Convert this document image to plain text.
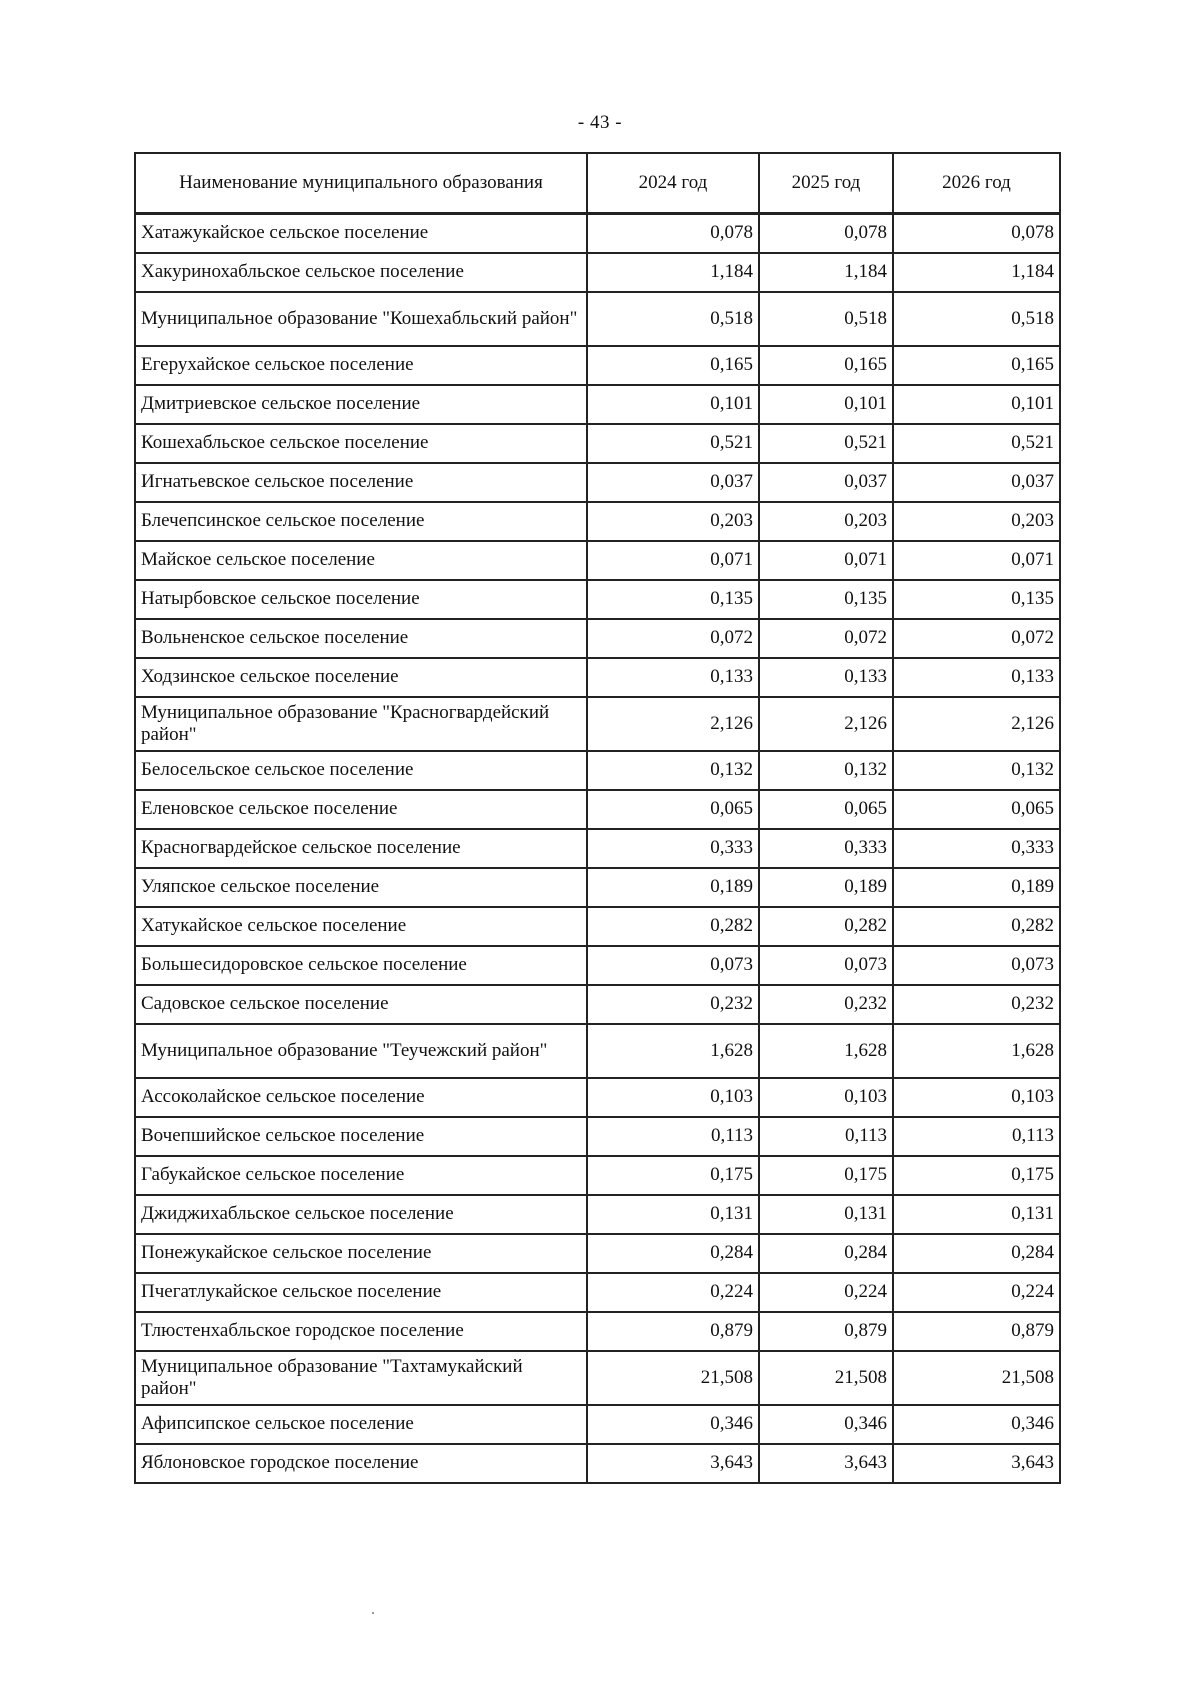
- 43 -
Наименование муниципального образования	2024 год	2025 год	2026 год
Хатажукайское сельское поселение	0,078	0,078	0,078
Хакуринохабльское сельское поселение	1,184	1,184	1,184
Муниципальное образование "Кошехабльский район"	0,518	0,518	0,518
Егерухайское сельское поселение	0,165	0,165	0,165
Дмитриевское сельское поселение	0,101	0,101	0,101
Кошехабльское сельское поселение	0,521	0,521	0,521
Игнатьевское сельское поселение	0,037	0,037	0,037
Блечепсинское сельское поселение	0,203	0,203	0,203
Майское сельское поселение	0,071	0,071	0,071
Натырбовское сельское поселение	0,135	0,135	0,135
Вольненское сельское поселение	0,072	0,072	0,072
Ходзинское сельское поселение	0,133	0,133	0,133
Муниципальное образование "Красногвардейский район"	2,126	2,126	2,126
Белосельское сельское поселение	0,132	0,132	0,132
Еленовское сельское поселение	0,065	0,065	0,065
Красногвардейское сельское поселение	0,333	0,333	0,333
Уляпское сельское поселение	0,189	0,189	0,189
Хатукайское сельское поселение	0,282	0,282	0,282
Большесидоровское сельское поселение	0,073	0,073	0,073
Садовское сельское поселение	0,232	0,232	0,232
Муниципальное образование "Теучежский район"	1,628	1,628	1,628
Ассоколайское сельское поселение	0,103	0,103	0,103
Вочепшийское сельское поселение	0,113	0,113	0,113
Габукайское сельское поселение	0,175	0,175	0,175
Джиджихабльское сельское поселение	0,131	0,131	0,131
Понежукайское сельское поселение	0,284	0,284	0,284
Пчегатлукайское сельское поселение	0,224	0,224	0,224
Тлюстенхабльское городское поселение	0,879	0,879	0,879
Муниципальное образование "Тахтамукайский район"	21,508	21,508	21,508
Афипсипское сельское поселение	0,346	0,346	0,346
Яблоновское городское поселение	3,643	3,643	3,643
